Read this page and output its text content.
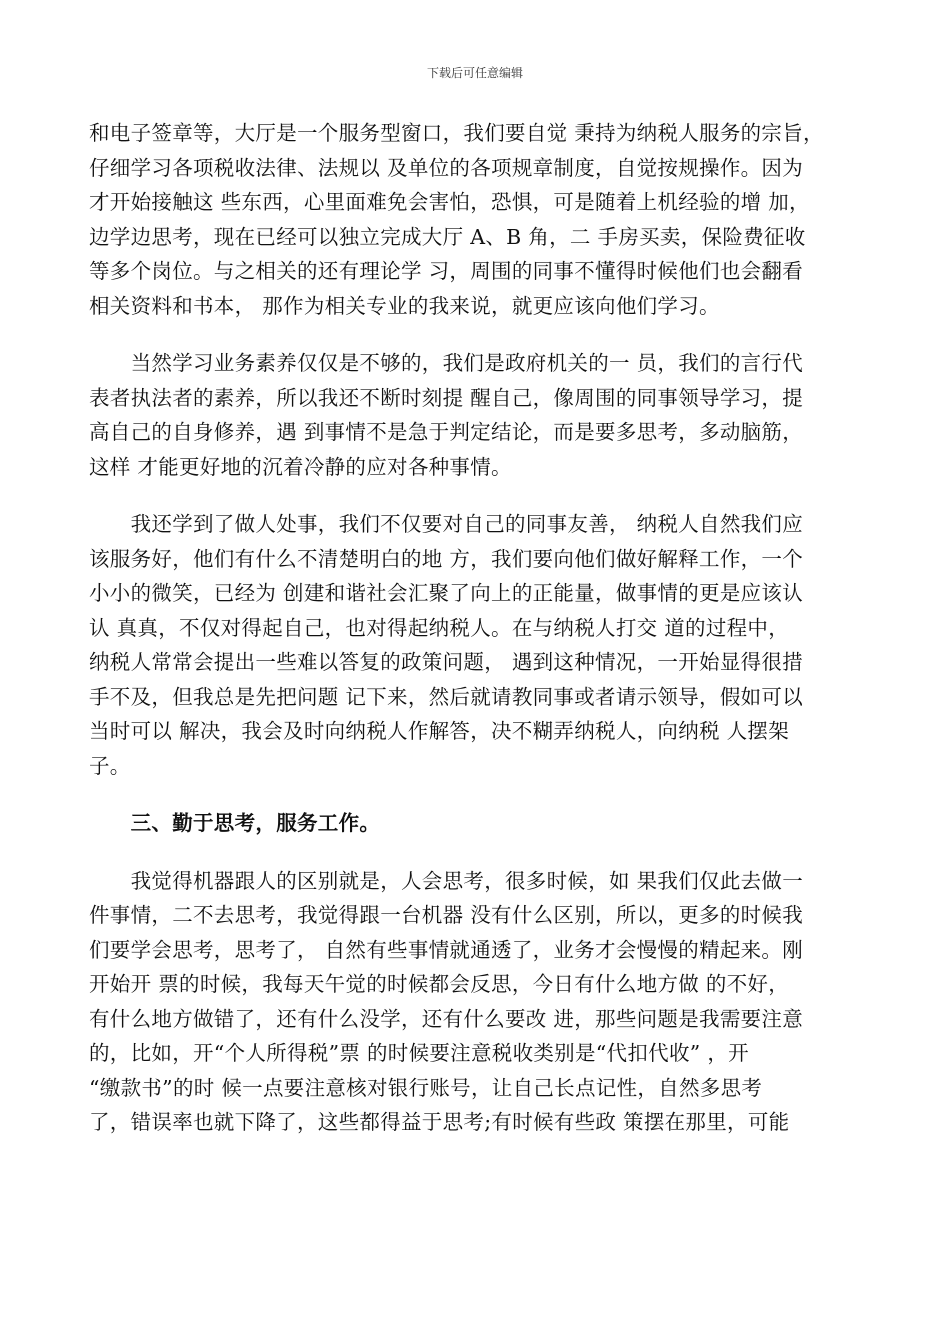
下载后可任意编辑
和电子签章等，大厅是一个服务型窗口，我们要自觉 秉持为纳税人服务的宗旨，
仔细学习各项税收法律、法规以 及单位的各项规章制度，自觉按规操作。因为
才开始接触这 些东西，心里面难免会害怕，恐惧，可是随着上机经验的增 加，
边学边思考，现在已经可以独立完成大厅 A、B 角，二 手房买卖，保险费征收
等多个岗位。与之相关的还有理论学 习，周围的同事不懂得时候他们也会翻看
相关资料和书本， 那作为相关专业的我来说，就更应该向他们学习。
　　当然学习业务素养仅仅是不够的，我们是政府机关的一 员，我们的言行代
表者执法者的素养，所以我还不断时刻提 醒自己，像周围的同事领导学习，提
高自己的自身修养，遇 到事情不是急于判定结论，而是要多思考，多动脑筋，
这样 才能更好地的沉着冷静的应对各种事情。
　　我还学到了做人处事，我们不仅要对自己的同事友善， 纳税人自然我们应
该服务好，他们有什么不清楚明白的地 方，我们要向他们做好解释工作，一个
小小的微笑，已经为 创建和谐社会汇聚了向上的正能量，做事情的更是应该认
认 真真，不仅对得起自己，也对得起纳税人。在与纳税人打交 道的过程中，
纳税人常常会提出一些难以答复的政策问题， 遇到这种情况，一开始显得很措
手不及，但我总是先把问题 记下来，然后就请教同事或者请示领导，假如可以
当时可以 解决，我会及时向纳税人作解答，决不糊弄纳税人，向纳税 人摆架
子。
　　三、勤于思考，服务工作。
　　我觉得机器跟人的区别就是，人会思考，很多时候，如 果我们仅此去做一
件事情，二不去思考，我觉得跟一台机器 没有什么区别，所以，更多的时候我
们要学会思考，思考了， 自然有些事情就通透了，业务才会慢慢的精起来。刚
开始开 票的时候，我每天午觉的时候都会反思，今日有什么地方做 的不好，
有什么地方做错了，还有什么没学，还有什么要改 进，那些问题是我需要注意
的，比如，开“个人所得税”票 的时候要注意税收类别是“代扣代收” ，开
“缴款书”的时 候一点要注意核对银行账号，让自己长点记性，自然多思考
了，错误率也就下降了，这些都得益于思考;有时候有些政 策摆在那里，可能
